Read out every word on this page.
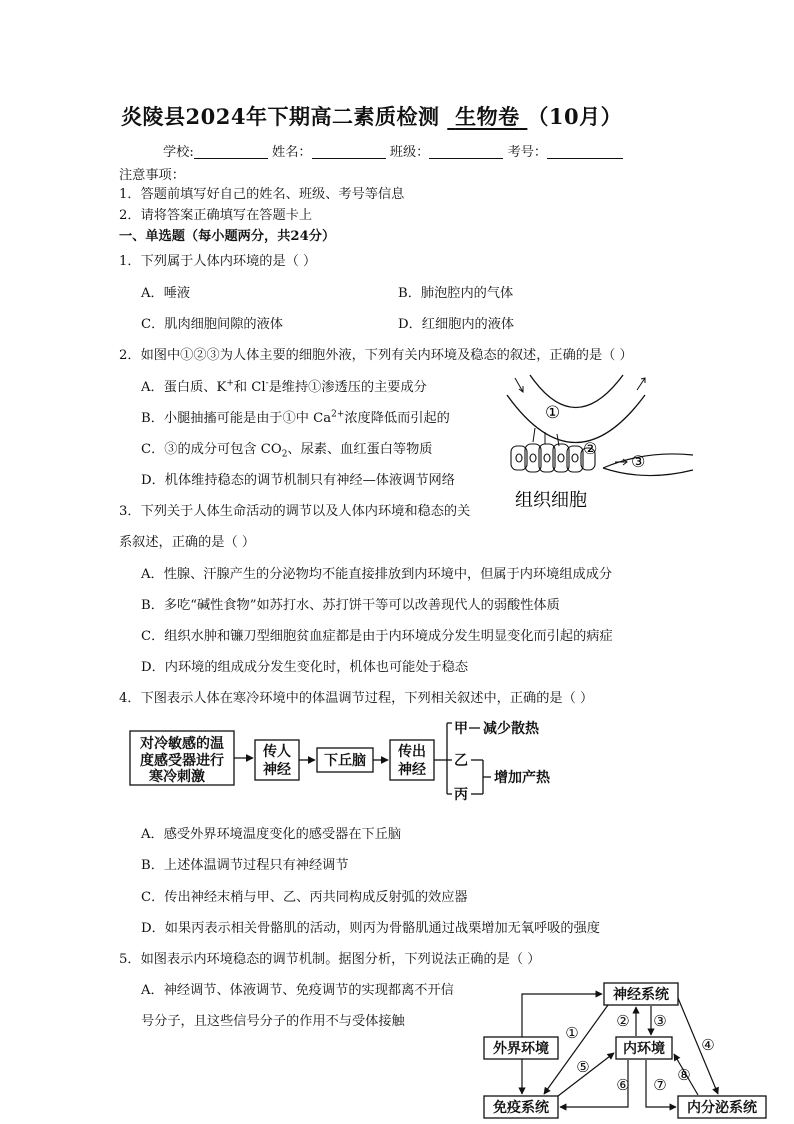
炎陵县2024年下期高二素质检测 生物卷 （10月）
学校:	姓名：	班级：	考号：
注意事项：
1．答题前填写好自己的姓名、班级、考号等信息
2．请将答案正确填写在答题卡上
一、单选题（每小题两分，共24分）
1．下列属于人体内环境的是（ ）
A．唾液	B．肺泡腔内的气体
C．肌肉细胞间隙的液体	D．红细胞内的液体
2．如图中①②③为人体主要的细胞外液，下列有关内环境及稳态的叙述，正确的是（ ）
A．蛋白质、K+和 Cl-是维持①渗透压的主要成分
B．小腿抽搐可能是由于①中 $Ca^{2+}$浓度降低而引起的
C．③的成分可包含 $CO_2$、尿素、血红蛋白等物质
D．机体维持稳态的调节机制只有神经—体液调节网络
①
②
③
组织细胞
3．下列关于人体生命活动的调节以及人体内环境和稳态的关
系叙述，正确的是（ ）
A．性腺、汗腺产生的分泌物均不能直接排放到内环境中，但属于内环境组成成分
B．多吃“碱性食物”如苏打水、苏打饼干等可以改善现代人的弱酸性体质
C．组织水肿和镰刀型细胞贫血症都是由于内环境成分发生明显变化而引起的病症
D．内环境的组成成分发生变化时，机体也可能处于稳态
4．下图表示人体在寒冷环境中的体温调节过程，下列相关叙述中，正确的是（ ）
对冷敏感的温
度感受器进行
寒冷刺激
传人
神经
下丘脑
传出
神经
甲
乙
丙
减少散热
增加产热
A．感受外界环境温度变化的感受器在下丘脑
B．上述体温调节过程只有神经调节
C．传出神经末梢与甲、乙、丙共同构成反射弧的效应器
D．如果丙表示相关骨骼肌的活动，则丙为骨骼肌通过战栗增加无氧呼吸的强度
5．如图表示内环境稳态的调节机制。据图分析，下列说法正确的是（ ）
A．神经调节、体液调节、免疫调节的实现都离不开信
号分子，且这些信号分子的作用不与受体接触
神经系统
外界环境	内环境
免疫系统	内分泌系统
①
② ③
④
⑤
⑥ ⑦
⑧
